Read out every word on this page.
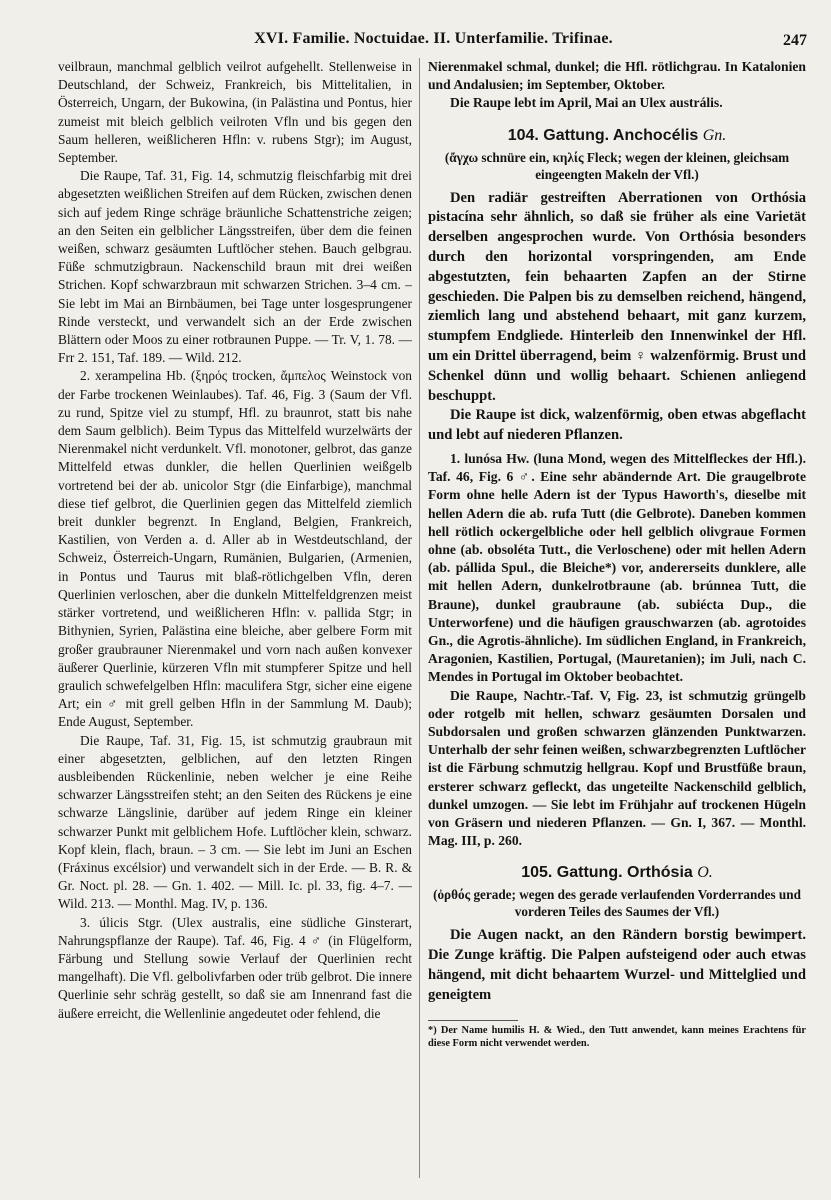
XVI. Familie. Noctuidae. II. Unterfamilie. Trifinae.	247

veilbraun, manchmal gelblich veilrot aufgehellt. Stellenweise in Deutschland, der Schweiz, Frankreich, bis Mittelitalien, in Österreich, Ungarn, der Bukowina, (in Palästina und Pontus, hier zumeist mit bleich gelblich veilroten Vfln und bis gegen den Saum helleren, weißlicheren Hfln: v. rubens Stgr); im August, September.

Die Raupe, Taf. 31, Fig. 14, schmutzig fleischfarbig mit drei abgesetzten weißlichen Streifen auf dem Rücken, zwischen denen sich auf jedem Ringe schräge bräunliche Schattenstriche zeigen; an den Seiten ein gelblicher Längsstreifen, über dem die feinen weißen, schwarz gesäumten Luftlöcher stehen. Bauch gelbgrau. Füße schmutzigbraun. Nackenschild braun mit drei weißen Strichen. Kopf schwarzbraun mit schwarzen Strichen. 3–4 cm. – Sie lebt im Mai an Birnbäumen, bei Tage unter losgesprungener Rinde versteckt, und verwandelt sich an der Erde zwischen Blättern oder Moos zu einer rotbraunen Puppe. — Tr. V, 1. 78. — Frr 2. 151, Taf. 189. — Wild. 212.

2. xerampelina Hb. (ξηρός trocken, ἄμπελος Weinstock von der Farbe trockenen Weinlaubes). Taf. 46, Fig. 3 (Saum der Vfl. zu rund, Spitze viel zu stumpf, Hfl. zu braunrot, statt bis nahe dem Saum gelblich). Beim Typus das Mittelfeld wurzelwärts der Nierenmakel nicht verdunkelt. Vfl. monotoner, gelbrot, das ganze Mittelfeld etwas dunkler, die hellen Querlinien weißgelb vortretend bei der ab. unicolor Stgr (die Einfarbige), manchmal diese tief gelbrot, die Querlinien gegen das Mittelfeld ziemlich breit dunkler begrenzt. In England, Belgien, Frankreich, Kastilien, von Verden a. d. Aller ab in Westdeutschland, der Schweiz, Österreich-Ungarn, Rumänien, Bulgarien, (Armenien, in Pontus und Taurus mit blaß-rötlichgelben Vfln, deren Querlinien verloschen, aber die dunkeln Mittelfeldgrenzen meist stärker vortretend, und weißlicheren Hfln: v. pallida Stgr; in Bithynien, Syrien, Palästina eine bleiche, aber gelbere Form mit großer graubrauner Nierenmakel und vorn nach außen konvexer äußerer Querlinie, kürzeren Vfln mit stumpferer Spitze und hell graulich schwefelgelben Hfln: maculifera Stgr, sicher eine eigene Art; ein ♂ mit grell gelben Hfln in der Sammlung M. Daub); Ende August, September.

Die Raupe, Taf. 31, Fig. 15, ist schmutzig graubraun mit einer abgesetzten, gelblichen, auf den letzten Ringen ausbleibenden Rückenlinie, neben welcher je eine Reihe schwarzer Längsstreifen steht; an den Seiten des Rückens je eine schwarze Längslinie, darüber auf jedem Ringe ein kleiner schwarzer Punkt mit gelblichem Hofe. Luftlöcher klein, schwarz. Kopf klein, flach, braun. – 3 cm. — Sie lebt im Juni an Eschen (Fráxinus excélsior) und verwandelt sich in der Erde. — B. R. & Gr. Noct. pl. 28. — Gn. 1. 402. — Mill. Ic. pl. 33, fig. 4–7. — Wild. 213. — Monthl. Mag. IV, p. 136.

3. úlicis Stgr. (Ulex australis, eine südliche Ginsterart, Nahrungspflanze der Raupe). Taf. 46, Fig. 4 ♂ (in Flügelform, Färbung und Stellung sowie Verlauf der Querlinien recht mangelhaft). Die Vfl. gelbolivfarben oder trüb gelbrot. Die innere Querlinie sehr schräg gestellt, so daß sie am Innenrand fast die äußere erreicht, die Wellenlinie angedeutet oder fehlend, die

Nierenmakel schmal, dunkel; die Hfl. rötlichgrau. In Katalonien und Andalusien; im September, Oktober.

Die Raupe lebt im April, Mai an Ulex austrális.

104. Gattung. Anchocélis Gn.

(ἄγχω schnüre ein, κηλίς Fleck; wegen der kleinen, gleichsam eingeengten Makeln der Vfl.)

Den radiär gestreiften Aberrationen von Orthósia pistacína sehr ähnlich, so daß sie früher als eine Varietät derselben angesprochen wurde. Von Orthósia besonders durch den horizontal vorspringenden, am Ende abgestutzten, fein behaarten Zapfen an der Stirne geschieden. Die Palpen bis zu demselben reichend, hängend, ziemlich lang und abstehend behaart, mit ganz kurzem, stumpfem Endgliede. Hinterleib den Innenwinkel der Hfl. um ein Drittel überragend, beim ♀ walzenförmig. Brust und Schenkel dünn und wollig behaart. Schienen anliegend beschuppt.

Die Raupe ist dick, walzenförmig, oben etwas abgeflacht und lebt auf niederen Pflanzen.

1. lunósa Hw. (luna Mond, wegen des Mittelfleckes der Hfl.). Taf. 46, Fig. 6 ♂. Eine sehr abändernde Art. Die graugelbrote Form ohne helle Adern ist der Typus Haworth's, dieselbe mit hellen Adern die ab. rufa Tutt (die Gelbrote). Daneben kommen hell rötlich ockergelbliche oder hell gelblich olivgraue Formen ohne (ab. obsoléta Tutt., die Verloschene) oder mit hellen Adern (ab. pállida Spul., die Bleiche*) vor, andererseits dunklere, alle mit hellen Adern, dunkelrotbraune (ab. brúnnea Tutt, die Braune), dunkel graubraune (ab. subiécta Dup., die Unterworfene) und die häufigen grauschwarzen (ab. agrotoides Gn., die Agrotis-ähnliche). Im südlichen England, in Frankreich, Aragonien, Kastilien, Portugal, (Mauretanien); im Juli, nach C. Mendes in Portugal im Oktober beobachtet.

Die Raupe, Nachtr.-Taf. V, Fig. 23, ist schmutzig grüngelb oder rotgelb mit hellen, schwarz gesäumten Dorsalen und Subdorsalen und großen schwarzen glänzenden Punktwarzen. Unterhalb der sehr feinen weißen, schwarzbegrenzten Luftlöcher ist die Färbung schmutzig hellgrau. Kopf und Brustfüße braun, ersterer schwarz gefleckt, das ungeteilte Nackenschild gelblich, dunkel umzogen. — Sie lebt im Frühjahr auf trockenen Hügeln von Gräsern und niederen Pflanzen. — Gn. I, 367. — Monthl. Mag. III, p. 260.

105. Gattung. Orthósia O.

(ὀρθός gerade; wegen des gerade verlaufenden Vorderrandes und vorderen Teiles des Saumes der Vfl.)

Die Augen nackt, an den Rändern borstig bewimpert. Die Zunge kräftig. Die Palpen aufsteigend oder auch etwas hängend, mit dicht behaartem Wurzel- und Mittelglied und geneigtem

*) Der Name humilis H. & Wied., den Tutt anwendet, kann meines Erachtens für diese Form nicht verwendet werden.
